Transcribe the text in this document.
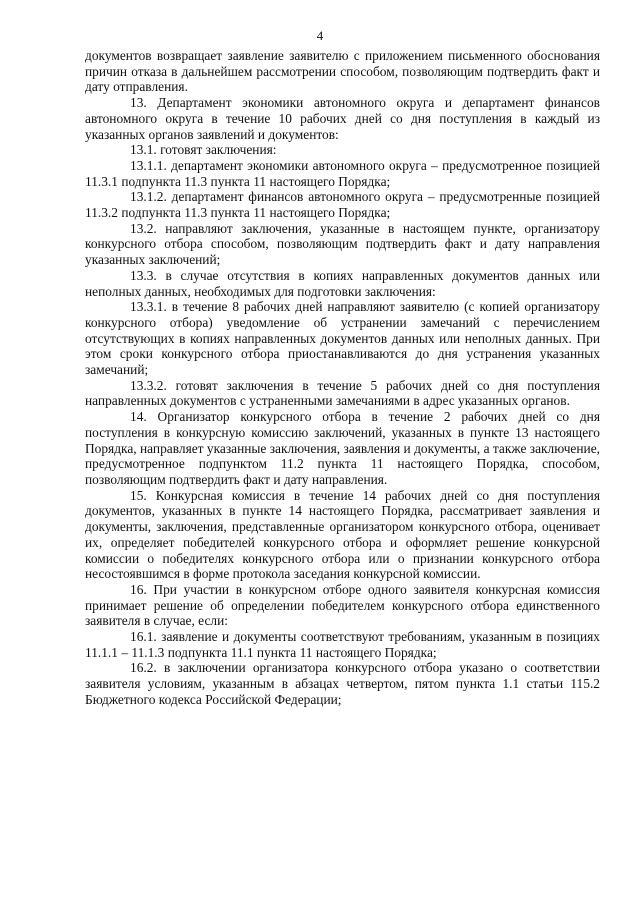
4

документов возвращает заявление заявителю с приложением письменного обоснования причин отказа в дальнейшем рассмотрении способом, позволяющим подтвердить факт и дату отправления.

13. Департамент экономики автономного округа и департамент финансов автономного округа в течение 10 рабочих дней со дня поступления в каждый из указанных органов заявлений и документов:

13.1. готовят заключения:

13.1.1. департамент экономики автономного округа – предусмотренное позицией 11.3.1 подпункта 11.3 пункта 11 настоящего Порядка;

13.1.2. департамент финансов автономного округа – предусмотренные позицией 11.3.2 подпункта 11.3 пункта 11 настоящего Порядка;

13.2. направляют заключения, указанные в настоящем пункте, организатору конкурсного отбора способом, позволяющим подтвердить факт и дату направления указанных заключений;

13.3. в случае отсутствия в копиях направленных документов данных или неполных данных, необходимых для подготовки заключения:

13.3.1. в течение 8 рабочих дней направляют заявителю (с копией организатору конкурсного отбора) уведомление об устранении замечаний с перечислением отсутствующих в копиях направленных документов данных или неполных данных. При этом сроки конкурсного отбора приостанавливаются до дня устранения указанных замечаний;

13.3.2. готовят заключения в течение 5 рабочих дней со дня поступления направленных документов с устраненными замечаниями в адрес указанных органов.

14. Организатор конкурсного отбора в течение 2 рабочих дней со дня поступления в конкурсную комиссию заключений, указанных в пункте 13 настоящего Порядка, направляет указанные заключения, заявления и документы, а также заключение, предусмотренное подпунктом 11.2 пункта 11 настоящего Порядка, способом, позволяющим подтвердить факт и дату направления.

15. Конкурсная комиссия в течение 14 рабочих дней со дня поступления документов, указанных в пункте 14 настоящего Порядка, рассматривает заявления и документы, заключения, представленные организатором конкурсного отбора, оценивает их, определяет победителей конкурсного отбора и оформляет решение конкурсной комиссии о победителях конкурсного отбора или о признании конкурсного отбора несостоявшимся в форме протокола заседания конкурсной комиссии.

16. При участии в конкурсном отборе одного заявителя конкурсная комиссия принимает решение об определении победителем конкурсного отбора единственного заявителя в случае, если:

16.1. заявление и документы соответствуют требованиям, указанным в позициях 11.1.1 – 11.1.3 подпункта 11.1 пункта 11 настоящего Порядка;

16.2. в заключении организатора конкурсного отбора указано о соответствии заявителя условиям, указанным в абзацах четвертом, пятом пункта 1.1 статьи 115.2 Бюджетного кодекса Российской Федерации;
